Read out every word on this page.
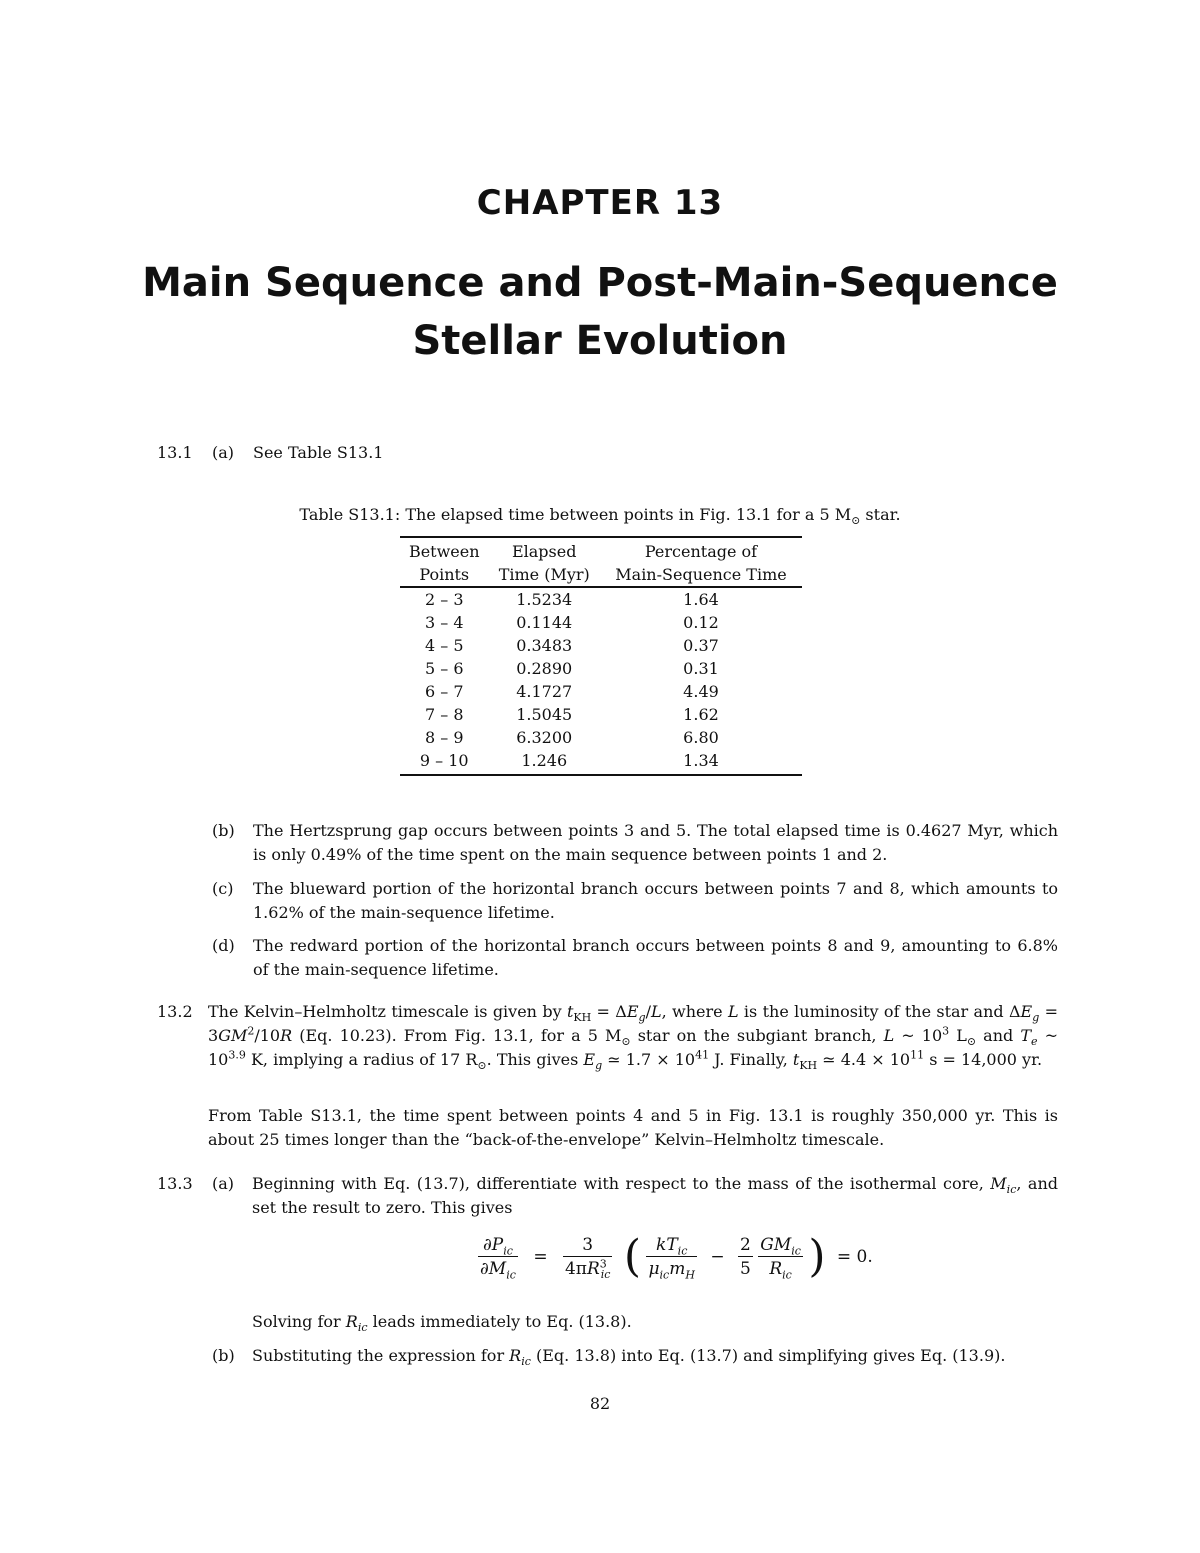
CHAPTER 13
Main Sequence and Post-Main-Sequence
Stellar Evolution
13.1 (a) See Table S13.1
Table S13.1: The elapsed time between points in Fig. 13.1 for a 5 $M_⊙$ star.
Between	Elapsed	Percentage of
Points	Time (Myr)	Main-Sequence Time
2 – 3	1.5234	1.64
3 – 4	0.1144	0.12
4 – 5	0.3483	0.37
5 – 6	0.2890	0.31
6 – 7	4.1727	4.49
7 – 8	1.5045	1.62
8 – 9	6.3200	6.80
9 – 10	1.246	1.34
(b) The Hertzsprung gap occurs between points 3 and 5. The total elapsed time is 0.4627 Myr, which is only 0.49% of the time spent on the main sequence between points 1 and 2.
(c) The blueward portion of the horizontal branch occurs between points 7 and 8, which amounts to 1.62% of the main-sequence lifetime.
(d) The redward portion of the horizontal branch occurs between points 8 and 9, amounting to 6.8% of the main-sequence lifetime.
13.2 The Kelvin–Helmholtz timescale is given by $t_{KH} = \Delta E_g/L$, where L is the luminosity of the star and $\Delta E_g = 3GM^2/10R$ (Eq. 10.23). From Fig. 13.1, for a 5 $M_⊙$ star on the subgiant branch, L ~ $10^3$ $L_⊙$ and $T_e$ ~ $10^{3.9}$ K, implying a radius of 17 $R_⊙$. This gives $E_g$ ≃ $1.7 \times 10^{41}$ J. Finally, $t_{KH}$ ≃ $4.4 \times 10^{11}$ s = 14,000 yr.
From Table S13.1, the time spent between points 4 and 5 in Fig. 13.1 is roughly 350,000 yr. This is about 25 times longer than the “back-of-the-envelope” Kelvin–Helmholtz timescale.
13.3 (a) Beginning with Eq. (13.7), differentiate with respect to the mass of the isothermal core, $M_{ic}$, and set the result to zero. This gives
$\frac{\partial P_{ic}}{\partial M_{ic}} = \frac{3}{4\pi R^3_{ic}}$ ( $\frac{kT_{ic}}{\mu_{ic}m_H} - \frac{2}{5}$
$\frac{GM_{ic}}{R_{ic}}$ ) = 0.
Solving for $R_{ic}$ leads immediately to Eq. (13.8).
(b) Substituting the expression for $R_{ic}$ (Eq. 13.8) into Eq. (13.7) and simplifying gives Eq. (13.9).
82
